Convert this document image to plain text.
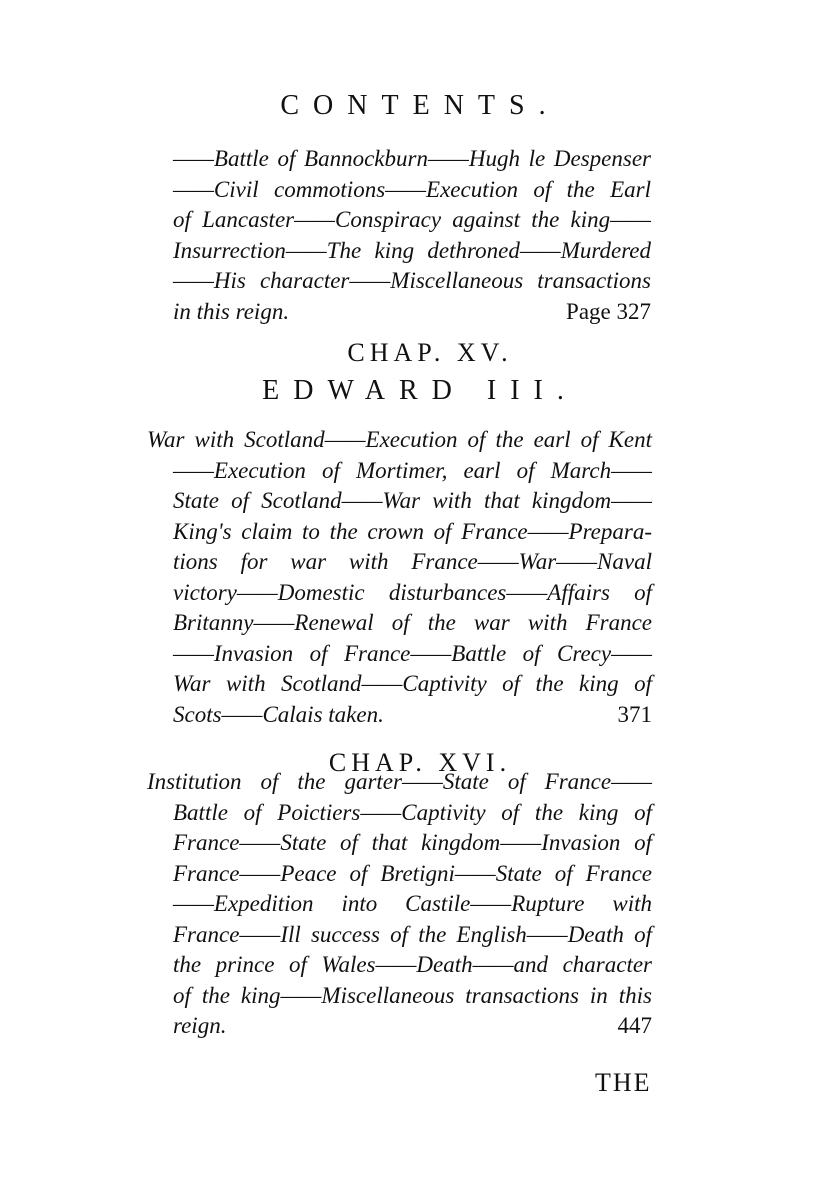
CONTENTS.
——Battle of Bannockburn——Hugh le Despenser
——Civil commotions——Execution of the Earl
of Lancaster——Conspiracy against the king——
Insurrection——The king dethroned——Murdered
——His character——Miscellaneous transactions
in this reign.	Page 327
CHAP. XV.
EDWARD III.
War with Scotland——Execution of the earl of Kent
——Execution of Mortimer, earl of March——
State of Scotland——War with that kingdom——
King's claim to the crown of France——Prepara-
tions for war with France——War——Naval
victory——Domestic disturbances——Affairs of
Britanny——Renewal of the war with France
——Invasion of France——Battle of Crecy——
War with Scotland——Captivity of the king of
Scots——Calais taken.	371
CHAP. XVI.
Institution of the garter——State of France——
Battle of Poictiers——Captivity of the king of
France——State of that kingdom——Invasion of
France——Peace of Bretigni——State of France
——Expedition into Castile——Rupture with
France——Ill success of the English——Death of
the prince of Wales——Death——and character
of the king——Miscellaneous transactions in this
reign.	447
THE
